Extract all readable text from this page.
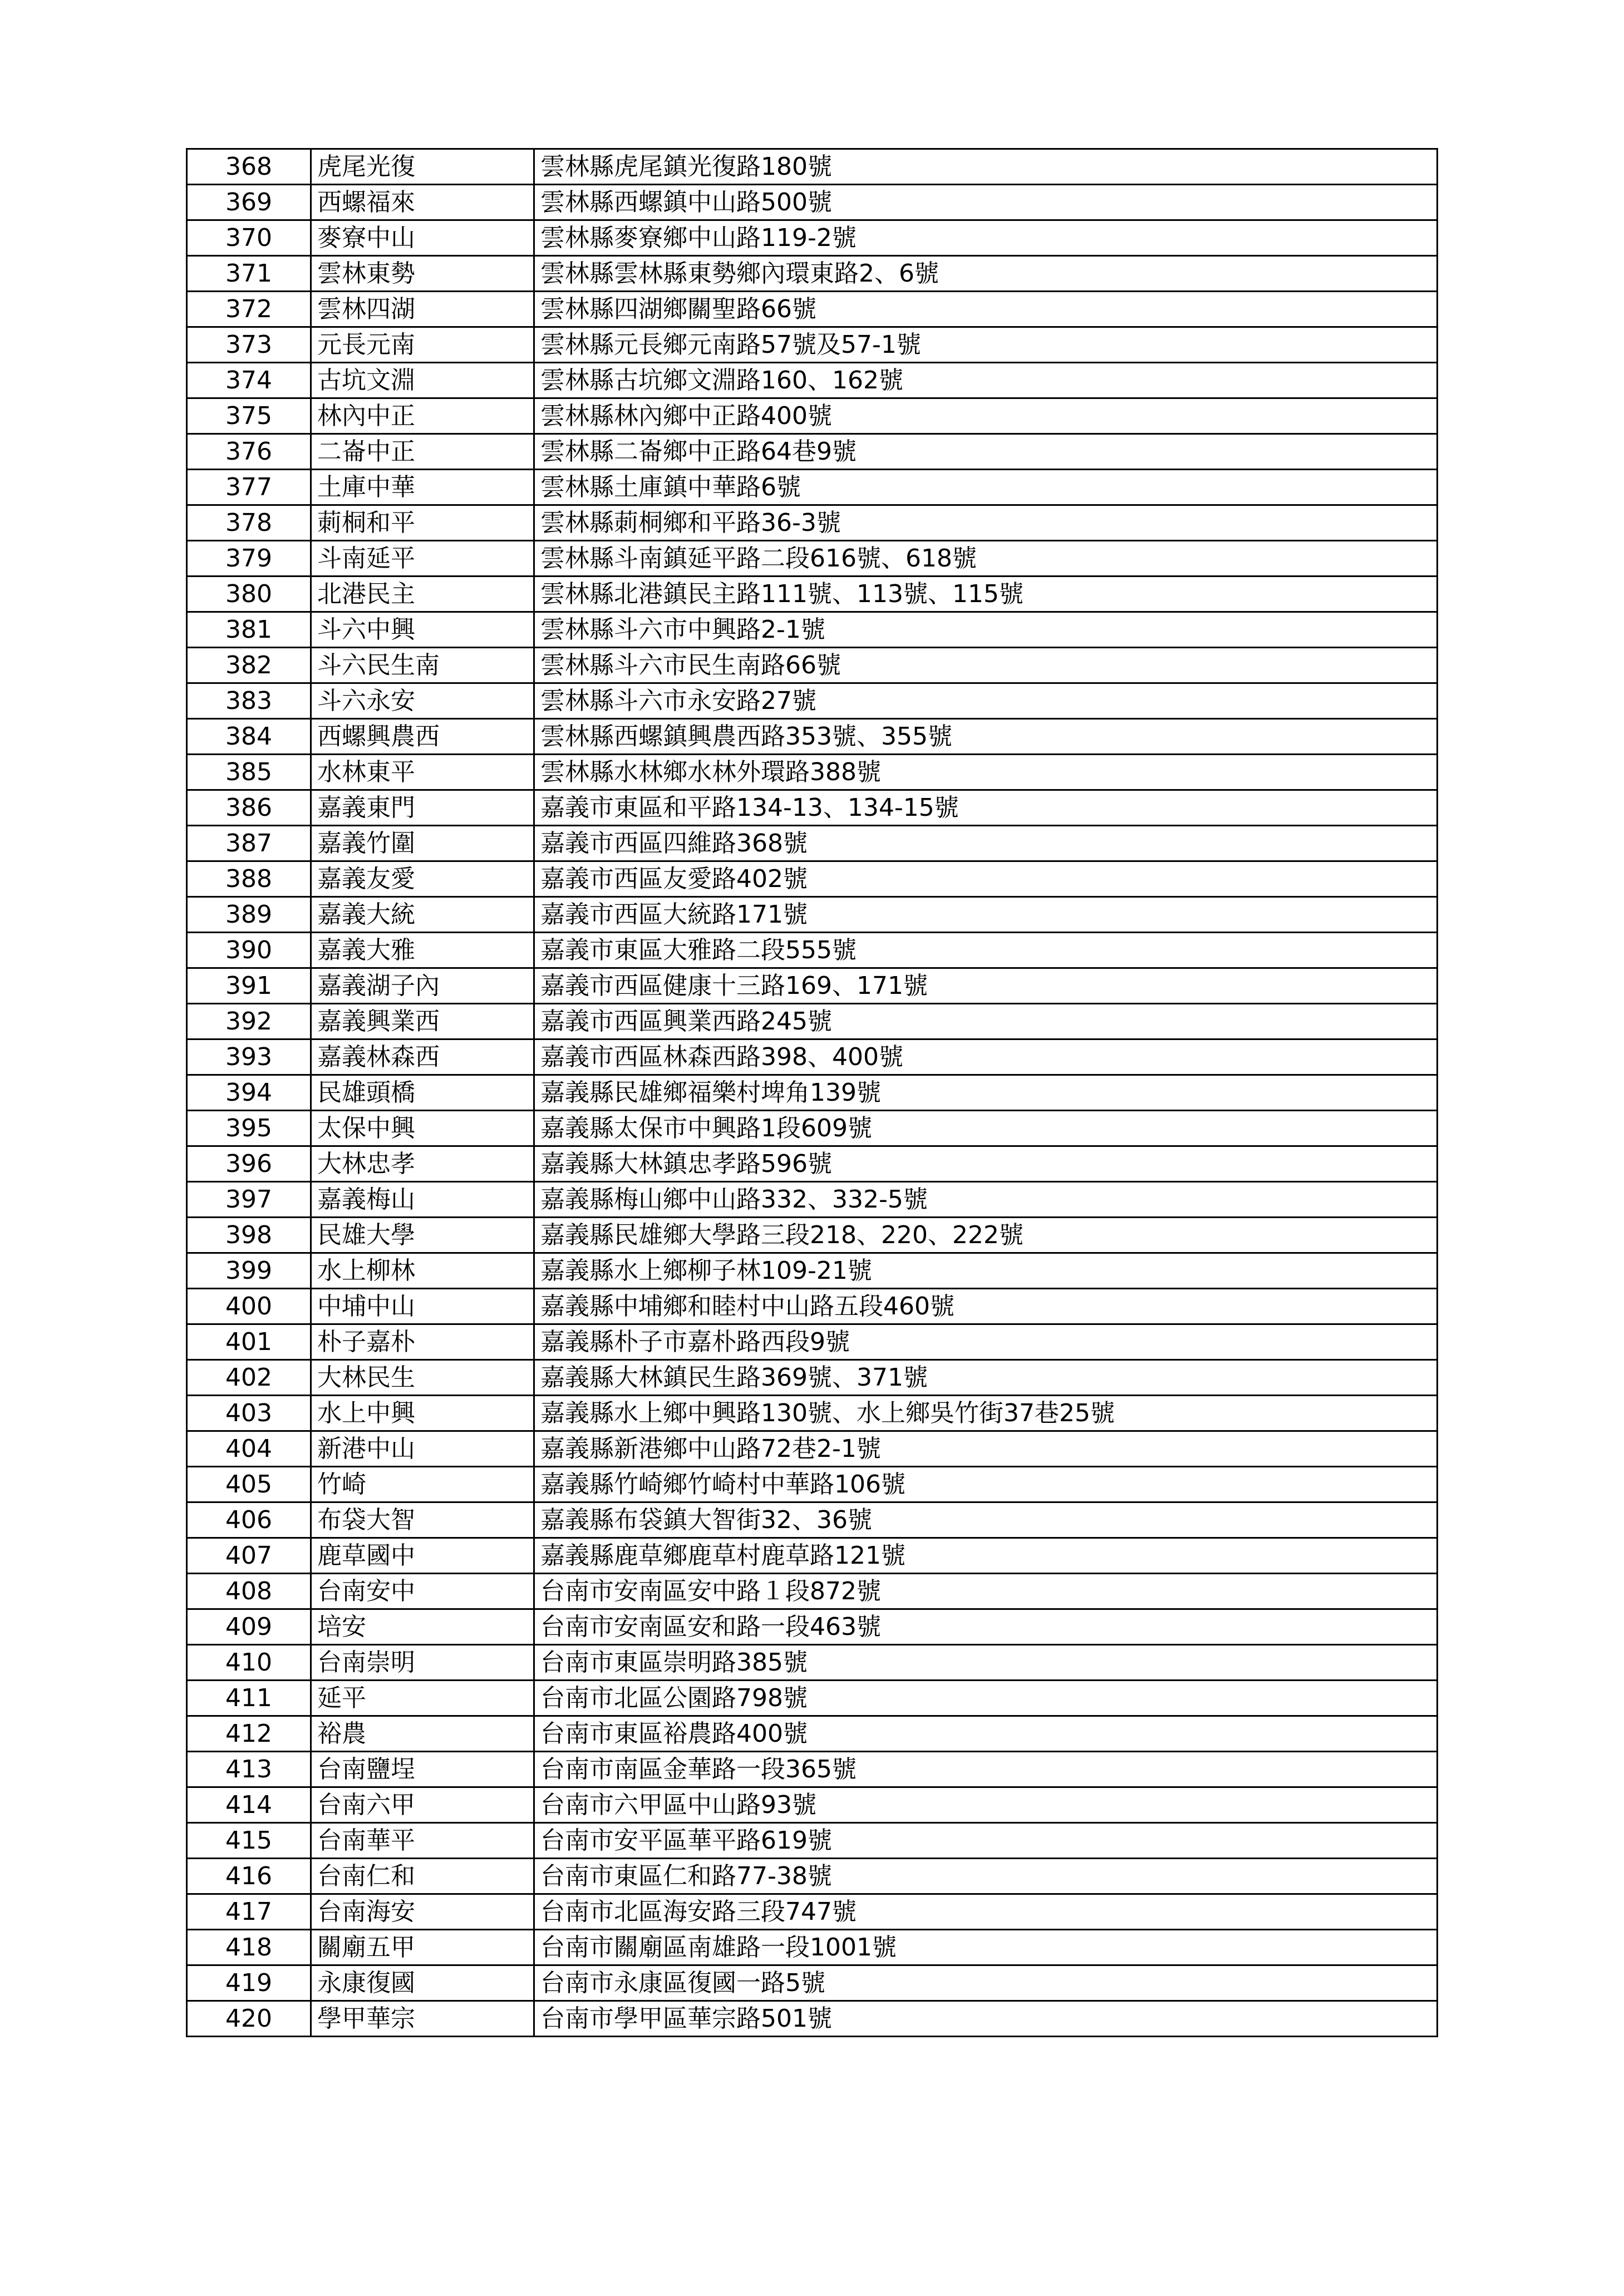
368	虎尾光復	雲林縣虎尾鎮光復路180號
369	西螺福來	雲林縣西螺鎮中山路500號
370	麥寮中山	雲林縣麥寮鄉中山路119-2號
371	雲林東勢	雲林縣雲林縣東勢鄉內環東路2、6號
372	雲林四湖	雲林縣四湖鄉關聖路66號
373	元長元南	雲林縣元長鄉元南路57號及57-1號
374	古坑文淵	雲林縣古坑鄉文淵路160、162號
375	林內中正	雲林縣林內鄉中正路400號
376	二崙中正	雲林縣二崙鄉中正路64巷9號
377	土庫中華	雲林縣土庫鎮中華路6號
378	莿桐和平	雲林縣莿桐鄉和平路36-3號
379	斗南延平	雲林縣斗南鎮延平路二段616號、618號
380	北港民主	雲林縣北港鎮民主路111號、113號、115號
381	斗六中興	雲林縣斗六市中興路2-1號
382	斗六民生南	雲林縣斗六市民生南路66號
383	斗六永安	雲林縣斗六市永安路27號
384	西螺興農西	雲林縣西螺鎮興農西路353號、355號
385	水林東平	雲林縣水林鄉水林外環路388號
386	嘉義東門	嘉義市東區和平路134-13、134-15號
387	嘉義竹圍	嘉義市西區四維路368號
388	嘉義友愛	嘉義市西區友愛路402號
389	嘉義大統	嘉義市西區大統路171號
390	嘉義大雅	嘉義市東區大雅路二段555號
391	嘉義湖子內	嘉義市西區健康十三路169、171號
392	嘉義興業西	嘉義市西區興業西路245號
393	嘉義林森西	嘉義市西區林森西路398、400號
394	民雄頭橋	嘉義縣民雄鄉福樂村埤角139號
395	太保中興	嘉義縣太保市中興路1段609號
396	大林忠孝	嘉義縣大林鎮忠孝路596號
397	嘉義梅山	嘉義縣梅山鄉中山路332、332-5號
398	民雄大學	嘉義縣民雄鄉大學路三段218、220、222號
399	水上柳林	嘉義縣水上鄉柳子林109-21號
400	中埔中山	嘉義縣中埔鄉和睦村中山路五段460號
401	朴子嘉朴	嘉義縣朴子市嘉朴路西段9號
402	大林民生	嘉義縣大林鎮民生路369號、371號
403	水上中興	嘉義縣水上鄉中興路130號、水上鄉吳竹街37巷25號
404	新港中山	嘉義縣新港鄉中山路72巷2-1號
405	竹崎	嘉義縣竹崎鄉竹崎村中華路106號
406	布袋大智	嘉義縣布袋鎮大智街32、36號
407	鹿草國中	嘉義縣鹿草鄉鹿草村鹿草路121號
408	台南安中	台南市安南區安中路１段872號
409	培安	台南市安南區安和路一段463號
410	台南崇明	台南市東區崇明路385號
411	延平	台南市北區公園路798號
412	裕農	台南市東區裕農路400號
413	台南鹽埕	台南市南區金華路一段365號
414	台南六甲	台南市六甲區中山路93號
415	台南華平	台南市安平區華平路619號
416	台南仁和	台南市東區仁和路77-38號
417	台南海安	台南市北區海安路三段747號
418	關廟五甲	台南市關廟區南雄路一段1001號
419	永康復國	台南市永康區復國一路5號
420	學甲華宗	台南市學甲區華宗路501號
